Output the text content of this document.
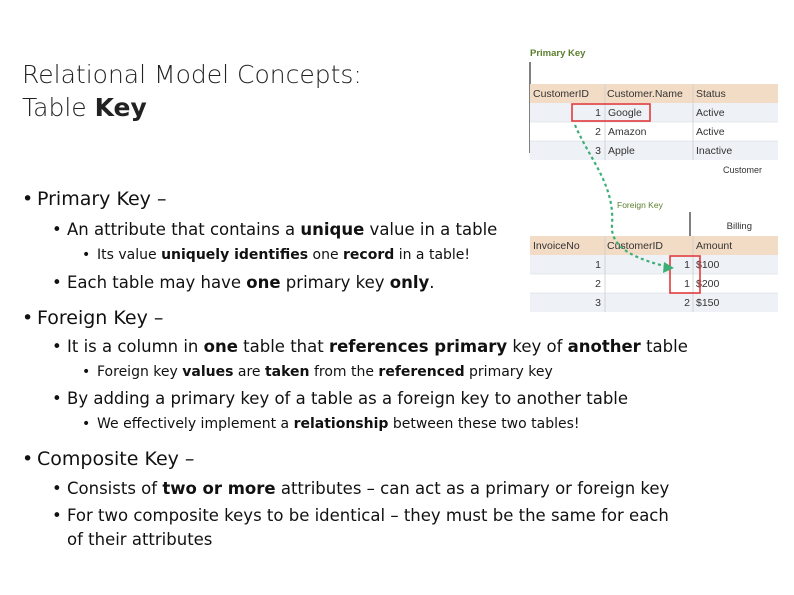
Relational Model Concepts:
Table Key
Primary Key
CustomerID Customer.Name Status
1 Google	Active
2 Amazon	Active
3 Apple	Inactive
Customer
Foreign Key
Billing
InvoiceNo	CustomerID	Amount
1	1 $100
2	1 $200
3	2 $150
• Primary Key –
• An attribute that contains a unique value in a table
• Its value uniquely identifies one record in a table!
• Each table may have one primary key only.
• Foreign Key –
• It is a column in one table that references primary key of another table
• Foreign key values are taken from the referenced primary key
• By adding a primary key of a table as a foreign key to another table
• We effectively implement a relationship between these two tables!
• Composite Key –
• Consists of two or more attributes – can act as a primary or foreign key
• For two composite keys to be identical – they must be the same for each
of their attributes
